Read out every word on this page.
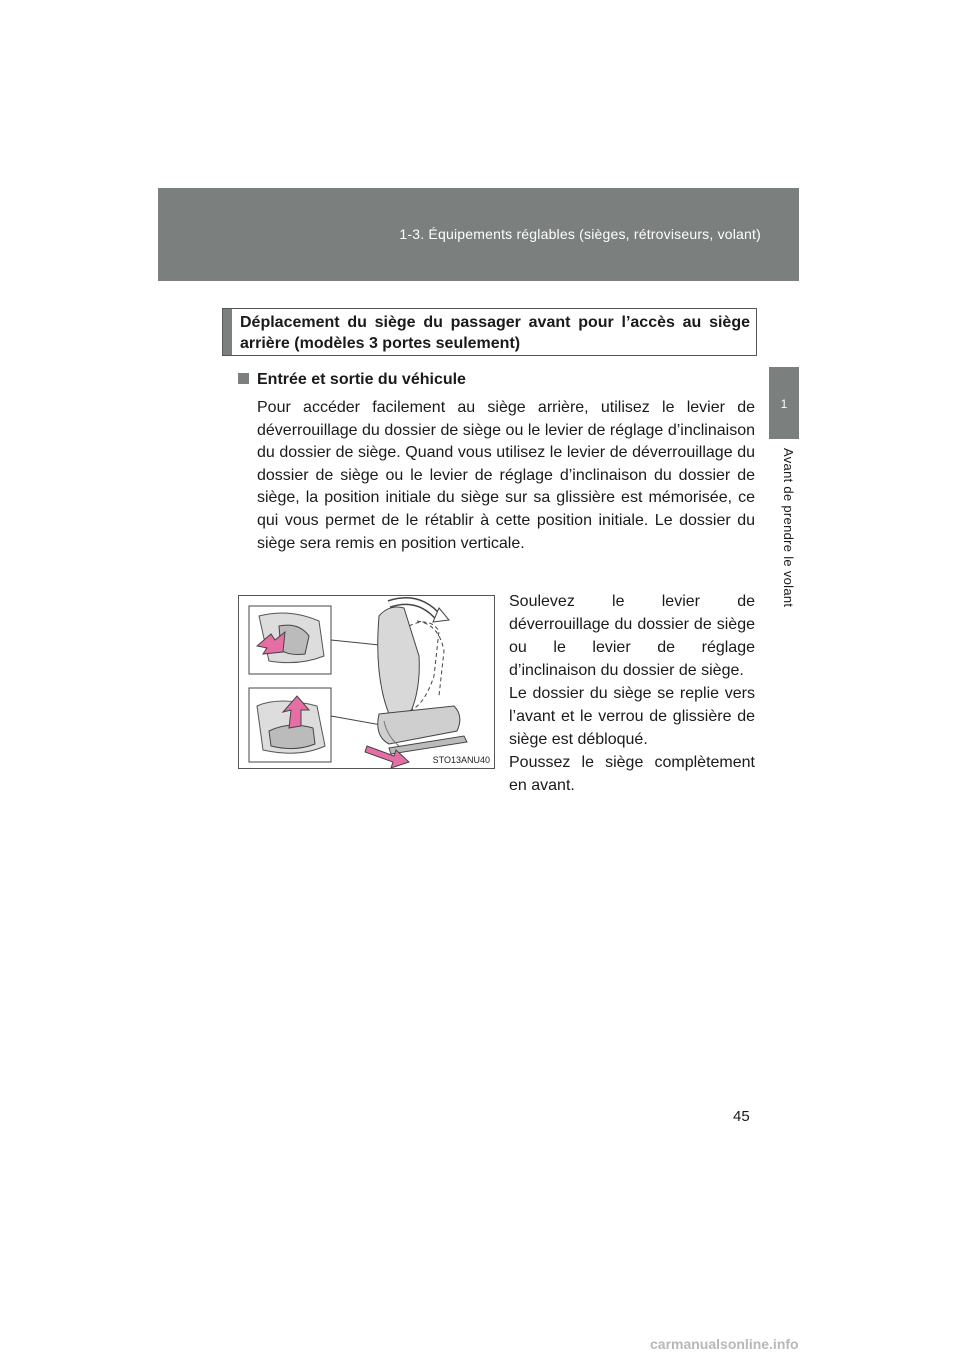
1-3. Équipements réglables (sièges, rétroviseurs, volant)
1
Avant de prendre le volant
Déplacement du siège du passager avant pour l’accès au siège arrière (modèles 3 portes seulement)
Entrée et sortie du véhicule
Pour accéder facilement au siège arrière, utilisez le levier de déverrouillage du dossier de siège ou le levier de réglage d’inclinaison du dossier de siège. Quand vous utilisez le levier de déverrouillage du dossier de siège ou le levier de réglage d’inclinaison du dossier de siège, la position initiale du siège sur sa glissière est mémorisée, ce qui vous permet de le rétablir à cette position initiale. Le dossier du siège sera remis en position verticale.
STO13ANU40

Soulevez le levier de déverrouillage du dossier de siège ou le levier de réglage d’inclinaison du dossier de siège.

Le dossier du siège se replie vers l’avant et le verrou de glissière de siège est débloqué.

Poussez le siège complètement en avant.

45
carmanualsonline.info
